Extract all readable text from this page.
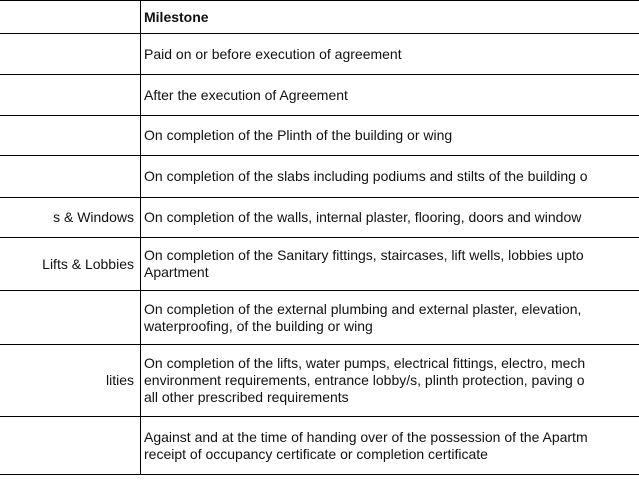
	Milestone

	Paid on or before execution of agreement

	After the execution of Agreement

	On completion of the Plinth of the building or wing

	On completion of the slabs including podiums and stilts of the building o

s & Windows	On completion of the walls, internal plaster, flooring, doors and window

Lifts & Lobbies	On completion of the Sanitary fittings, staircases, lift wells, lobbies upto
Apartment

	On completion of the external plumbing and external plaster, elevation,
waterproofing, of the building or wing

lities	On completion of the lifts, water pumps, electrical fittings, electro, mech
environment requirements, entrance lobby/s, plinth protection, paving o
all other prescribed requirements

	Against and at the time of handing over of the possession of the Apartm
receipt of occupancy certificate or completion certificate
